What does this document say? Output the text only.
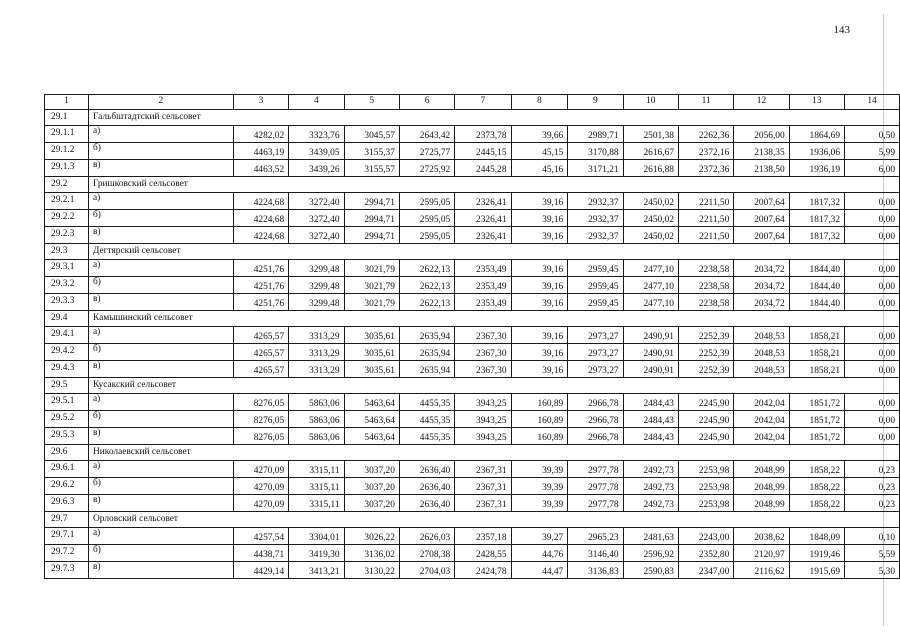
143
1	2	3	4	5	6	7	8	9	10	11	12	13	14
29.1	Гальбштадтский сельсовет												
29.1.1	а)	4282,02	3323,76	3045,57	2643,42	2373,78	39,66	2989,71	2501,38	2262,36	2056,00	1864,69	0,50
29.1.2	б)	4463,19	3439,05	3155,37	2725,77	2445,15	45,15	3170,88	2616,67	2372,16	2138,35	1936,06	5,99
29.1.3	в)	4463,52	3439,26	3155,57	2725,92	2445,28	45,16	3171,21	2616,88	2372,36	2138,50	1936,19	6,00
29.2	Гришковский сельсовет												
29.2.1	а)	4224,68	3272,40	2994,71	2595,05	2326,41	39,16	2932,37	2450,02	2211,50	2007,64	1817,32	0,00
29.2.2	б)	4224,68	3272,40	2994,71	2595,05	2326,41	39,16	2932,37	2450,02	2211,50	2007,64	1817,32	0,00
29.2.3	в)	4224,68	3272,40	2994,71	2595,05	2326,41	39,16	2932,37	2450,02	2211,50	2007,64	1817,32	0,00
29.3	Дегтярский сельсовет												
29.3.1	а)	4251,76	3299,48	3021,79	2622,13	2353,49	39,16	2959,45	2477,10	2238,58	2034,72	1844,40	0,00
29.3.2	б)	4251,76	3299,48	3021,79	2622,13	2353,49	39,16	2959,45	2477,10	2238,58	2034,72	1844,40	0,00
29.3.3	в)	4251,76	3299,48	3021,79	2622,13	2353,49	39,16	2959,45	2477,10	2238,58	2034,72	1844,40	0,00
29.4	Камышинский сельсовет												
29.4.1	а)	4265,57	3313,29	3035,61	2635,94	2367,30	39,16	2973,27	2490,91	2252,39	2048,53	1858,21	0,00
29.4.2	б)	4265,57	3313,29	3035,61	2635,94	2367,30	39,16	2973,27	2490,91	2252,39	2048,53	1858,21	0,00
29.4.3	в)	4265,57	3313,29	3035,61	2635,94	2367,30	39,16	2973,27	2490,91	2252,39	2048,53	1858,21	0,00
29.5	Кусакский сельсовет												
29.5.1	а)	8276,05	5863,06	5463,64	4455,35	3943,25	160,89	2966,78	2484,43	2245,90	2042,04	1851,72	0,00
29.5.2	б)	8276,05	5863,06	5463,64	4455,35	3943,25	160,89	2966,78	2484,43	2245,90	2042,04	1851,72	0,00
29.5.3	в)	8276,05	5863,06	5463,64	4455,35	3943,25	160,89	2966,78	2484,43	2245,90	2042,04	1851,72	0,00
29.6	Николаевский сельсовет												
29.6.1	а)	4270,09	3315,11	3037,20	2636,40	2367,31	39,39	2977,78	2492,73	2253,98	2048,99	1858,22	0,23
29.6.2	б)	4270,09	3315,11	3037,20	2636,40	2367,31	39,39	2977,78	2492,73	2253,98	2048,99	1858,22	0,23
29.6.3	в)	4270,09	3315,11	3037,20	2636,40	2367,31	39,39	2977,78	2492,73	2253,98	2048,99	1858,22	0,23
29.7	Орловский сельсовет												
29.7.1	а)	4257,54	3304,01	3026,22	2626,03	2357,18	39,27	2965,23	2481,63	2243,00	2038,62	1848,09	0,10
29.7.2	б)	4438,71	3419,30	3136,02	2708,38	2428,55	44,76	3146,40	2596,92	2352,80	2120,97	1919,46	5,59
29.7.3	в)	4429,14	3413,21	3130,22	2704,03	2424,78	44,47	3136,83	2590,83	2347,00	2116,62	1915,69	5,30
